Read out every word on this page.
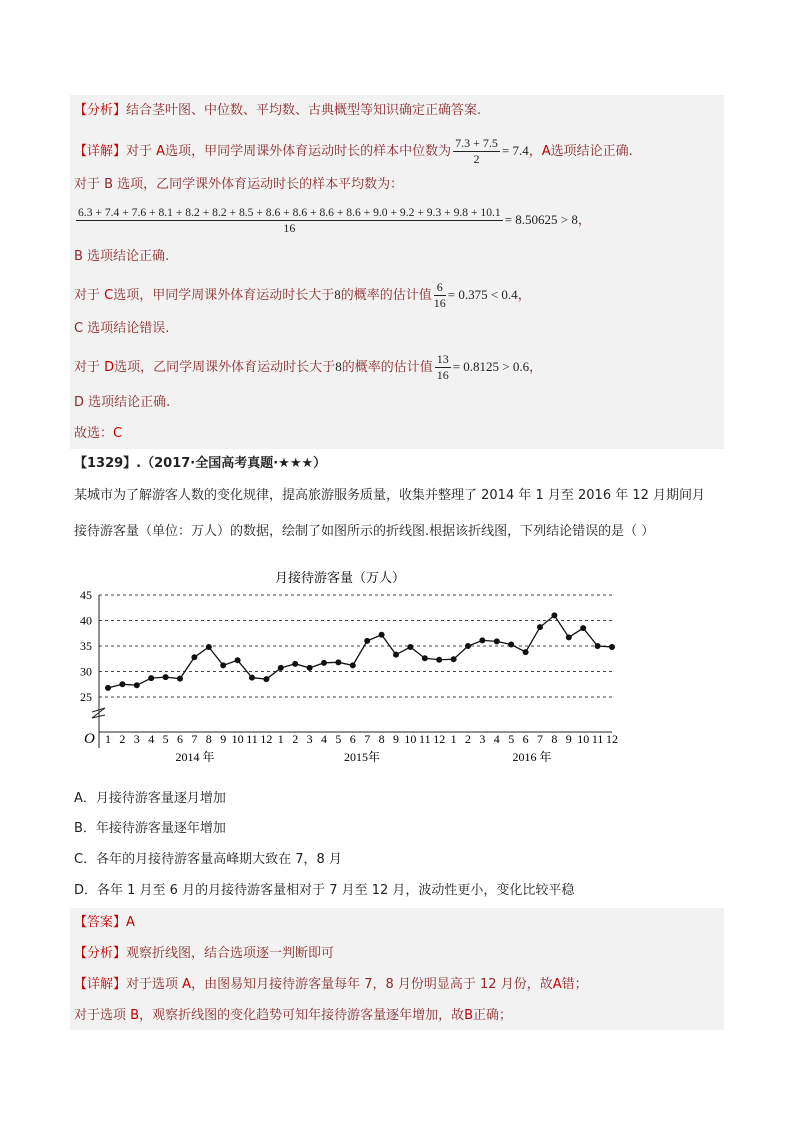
【分析】结合茎叶图、中位数、平均数、古典概型等知识确定正确答案.
【详解】对于 A选项，甲同学周课外体育运动时长的样本中位数为 $\frac{7.3 + 7.5}{2} = 7.4$，A选项结论正确.
对于 B 选项，乙同学课外体育运动时长的样本平均数为：
6.3 + 7.4 + 7.6 + 8.1 + 8.2 + 8.2 + 8.5 + 8.6 + 8.6 + 8.6 + 8.6 + 9.0 + 9.2 + 9.3 + 9.8 + 10.1
16
= 8.50625 > 8，
B 选项结论正确.
对于 C选项，甲同学周课外体育运动时长大于8的概率的估计值 $\frac{6}{16} = 0.375 < 0.4$，
C 选项结论错误.
对于 D选项，乙同学周课外体育运动时长大于8的概率的估计值 $\frac{13}{16} = 0.8125 > 0.6$，
D 选项结论正确.
故选：C
【1329】.（2017·全国高考真题·★★★）
某城市为了解游客人数的变化规律，提高旅游服务质量，收集并整理了 2014 年 1 月至 2016 年 12 月期间月
接待游客量（单位：万人）的数据，绘制了如图所示的折线图.根据该折线图，下列结论错误的是（ ）
月接待游客量（万人）
O
25
30
35
40
45
1 2 3 4 5 6 7 8 9 10 11 12 1 2 3 4 5 6 7 8 9 10 11 12 1 2 3 4 5 6 7 8 9 10 11 12
2014 年	2015年	2016 年
A．月接待游客量逐月增加
B．年接待游客量逐年增加
C．各年的月接待游客量高峰期大致在 7，8 月
D．各年 1 月至 6 月的月接待游客量相对于 7 月至 12 月，波动性更小，变化比较平稳
【答案】A
【分析】观察折线图，结合选项逐一判断即可
【详解】对于选项 A，由图易知月接待游客量每年 7，8 月份明显高于 12 月份，故A错；
对于选项 B，观察折线图的变化趋势可知年接待游客量逐年增加，故B正确；
